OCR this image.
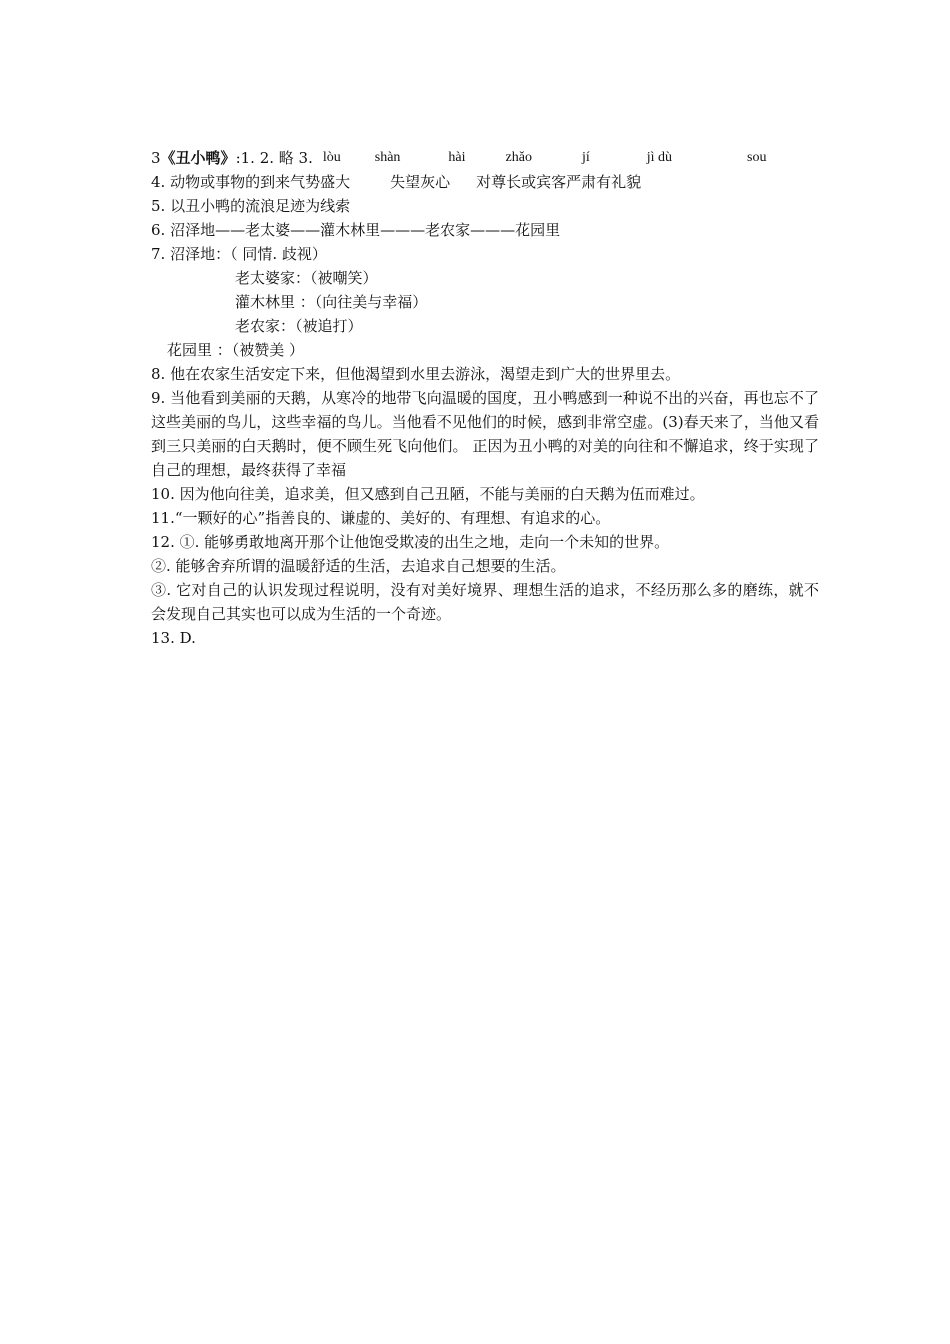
3 《丑小鸭》 :1. 2. 略 3. lòu shàn	hài	zhǎo	jí	jì dù	sou
4. 动物或事物的到来气势盛大	失望灰心 对尊长或宾客严肃有礼貌
5. 以丑小鸭的流浪足迹为线索
6. 沼泽地——老太婆——灌木林里———老农家———花园里
7. 沼泽地：（ 同情. 歧视）
老太婆家：（被嘲笑）
灌木林里 ：（向往美与幸福）
老农家：（被追打）
花园里 ：（被赞美 ）
8. 他在农家生活安定下来，但他渴望到水里去游泳，渴望走到广大的世界里去。
9. 当他看到美丽的天鹅，从寒冷的地带飞向温暖的国度，丑小鸭感到一种说不出的兴奋，再也忘不了这些美丽的鸟儿，这些幸福的鸟儿。当他看不见他们的时候，感到非常空虚。(3)春天来了，当他又看到三只美丽的白天鹅时，便不顾生死飞向他们。 正因为丑小鸭的对美的向往和不懈追求，终于实现了自己的理想，最终获得了幸福
10. 因为他向往美，追求美，但又感到自己丑陋，不能与美丽的白天鹅为伍而难过。
11.“一颗好的心”指善良的、谦虚的、美好的、有理想、有追求的心。
12. ①. 能够勇敢地离开那个让他饱受欺凌的出生之地，走向一个未知的世界。
②. 能够舍弃所谓的温暖舒适的生活，去追求自己想要的生活。
③. 它对自己的认识发现过程说明，没有对美好境界、理想生活的追求，不经历那么多的磨练，就不会发现自己其实也可以成为生活的一个奇迹。
13. D.
